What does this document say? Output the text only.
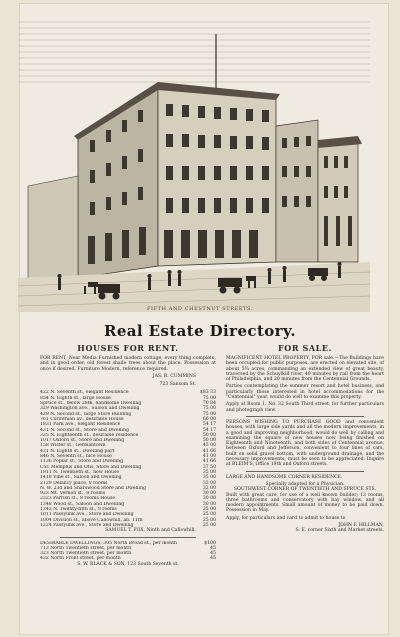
FIFTH AND CHESTNUT STREETS.
Real Estate Directory.
HOUSES FOR RENT.
FOR RENT, Near Media Furnished modern cottage, every thing complete, and in good order, old forest shade trees about the place. Possession at once if desired, Furniture Modern, reference required.
JAS. R. CUMMINS
723 Sansom St.
422 N. Seventh st., elegant Residence	$83 33
854 N. Eighth st., large House	75 00
Spruce st., below 28th, handsome Dwelling	70 84
329 Washington ave., Saloon and Dwelling	75 00
429 N. Second st., large Store Building	75 00
761 Corinthian av., desirable House	66 00
1831 Park ave., elegant Residence	54 17
431 N. Second st., Store and Dwelling	54 17
325 N. Eighteenth st., desirable residence	50 00
1017 Oxford st., Store and Dwelling	50 00
158 Wister st., Germantown	45 00
431 N. Eighth st., Dwelling part	41 66
846 N. Seventh st., nice House	41 00
1136 Poplar st., Store and Dwelling	41 66
Cor. Memphis and Otis, Store and Dwelling	37 50
1911 N. Twentieth st., new House	35 00
1418 Vine st., Saloon and Dwelling	35 00
2129 Delancy place, 9 rooms	33 00
N. W. 23d and Sharswood Store and Dwelling	32 00
923 Mt. Vernon st., 8 rooms	30 00
2323 Parrish st., 8 rooms House	30 00
1348 Wood st., Saloon and Dwelling	30 00
1343 N. Twenty-fifth st., 9 rooms	25 00
1011 Passyunk ave., Store and Dwelling	25 00
1004 Division st., above Callowhill, ab. 11th	25 00
1224 Passyunk ave., Store and Dwelling	25 00
SAMUEL T. FOX, Ninth and Callowhill.
DESIRABLE DWELLINGS, 305 North Broad st., per month	$100
713 North Twentieth street, per month	45
323 North Twentieth street, per month	45
432 North Front street, per month	45
S. W. BLACK & SON, 123 South Seventh st.
FOR SALE.
MAGNIFICENT HOTEL PROPERTY, FOR sale.—The Buildings have been occupied for public purposes, are erected on elevated site, of about 5¾ acres, commanding an extended view of great beauty, traversed by the Schuylkill river, 40 minutes by rail from the heart of Philadelphia, and 20 minutes from the Centennial Grounds.
Parties contemplating the summer resort and hotel business, and particularly those interested in hotel accommodations for the "Centennial" year, would do well to examine this property.
Apply at Room 1, No. 32 South Third street, for further particulars and photograph view.
PERSONS WISHING TO PURCHASE GOOD and convenient houses, with large side yards and all the modern improvements, in a good and improving neighborhood, would do well by calling and examining the square of new houses now being finished on Eighteenth and Nineteenth, and both sides of Centennial avenue, between Oxford and Jefferson, convenient to four lines of cars, built on solid gravel bottom, with underground drainage, and the necessary improvements; must be seen to be appreciated. Inquire at BLEIM'S, Office 19th and Oxford streets.
LARGE AND HANDSOME CORNER RESIDENCE.
Specially adapted for a Physician.
SOUTHWEST CORNER OF TWENTIETH AND SPRUCE STS.
Built with great care, for use of a well known builder; 13 rooms, three bathrooms and conservatory with bay window, and all modern appointments. Small amount of money to be paid down. Possession in May.
Apply, for particulars and card to admit to house to
JOHN F. HILLMAN,
S. E. corner Sixth and Market streets.
